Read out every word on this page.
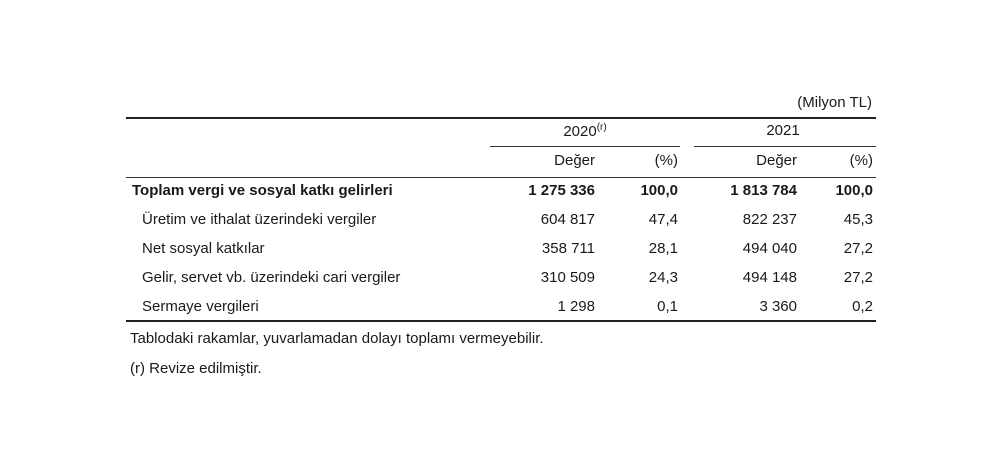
(Milyon TL)
2020$^{(r)}$	2021
Değer	(%)	Değer	(%)
Toplam vergi ve sosyal katkı gelirleri	1 275 336	100,0	1 813 784	100,0
Üretim ve ithalat üzerindeki vergiler	604 817	47,4	822 237	45,3
Net sosyal katkılar	358 711	28,1	494 040	27,2
Gelir, servet vb. üzerindeki cari vergiler	310 509	24,3	494 148	27,2
Sermaye vergileri	1 298	0,1	3 360	0,2
Tablodaki rakamlar, yuvarlamadan dolayı toplamı vermeyebilir.
(r) Revize edilmiştir.
